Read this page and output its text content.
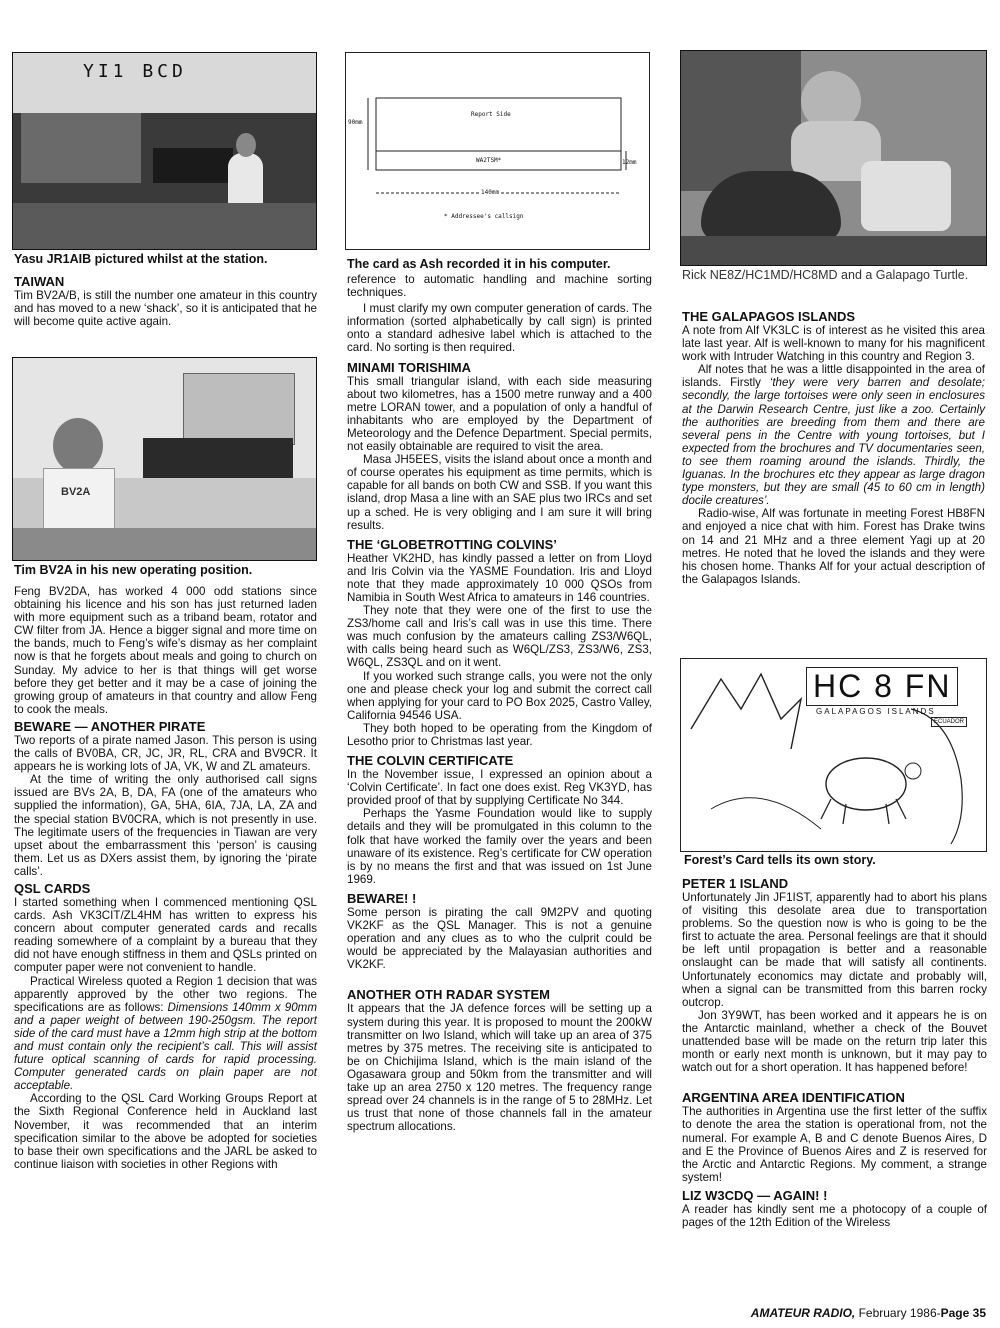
YI1 BCD
Yasu JR1AIB pictured whilst at the station.
TAIWAN

Tim BV2A/B, is still the number one amateur in this country and has moved to a new ‘shack’, so it is anticipated that he will become quite active again.

BV2A
Tim BV2A in his new operating position.

Feng BV2DA, has worked 4 000 odd stations since obtaining his licence and his son has just returned laden with more equipment such as a triband beam, rotator and CW filter from JA. Hence a bigger signal and more time on the bands, much to Feng’s wife’s dismay as her complaint now is that he forgets about meals and going to church on Sunday. My advice to her is that things will get worse before they get better and it may be a case of joining the growing group of amateurs in that country and allow Feng to cook the meals.

BEWARE — ANOTHER PIRATE

Two reports of a pirate named Jason. This person is using the calls of BV0BA, CR, JC, JR, RL, CRA and BV9CR. It appears he is working lots of JA, VK, W and ZL amateurs.

At the time of writing the only authorised call signs issued are BVs 2A, B, DA, FA (one of the amateurs who supplied the information), GA, 5HA, 6IA, 7JA, LA, ZA and the special station BV0CRA, which is not presently in use. The legitimate users of the frequencies in Tiawan are very upset about the embarrassment this ‘person’ is causing them. Let us as DXers assist them, by ignoring the ‘pirate calls’.

QSL CARDS

I started something when I commenced mentioning QSL cards. Ash VK3CIT/ZL4HM has written to express his concern about computer generated cards and recalls reading somewhere of a complaint by a bureau that they did not have enough stiffness in them and QSLs printed on computer paper were not convenient to handle.

Practical Wireless quoted a Region 1 decision that was apparently approved by the other two regions. The specifications are as follows: Dimensions 140mm x 90mm and a paper weight of between 190-250gsm. The report side of the card must have a 12mm high strip at the bottom and must contain only the recipient’s call. This will assist future optical scanning of cards for rapid processing. Computer generated cards on plain paper are not acceptable.

According to the QSL Card Working Groups Report at the Sixth Regional Conference held in Auckland last November, it was recommended that an interim specification similar to the above be adopted for societies to base their own specifications and the JARL be asked to continue liaison with societies in other Regions with

Report Side
90mm
WA2TSM*	12mm
140mm
* Addressee's callsign
The card as Ash recorded it in his computer.

reference to automatic handling and machine sorting techniques.

I must clarify my own computer generation of cards. The information (sorted alphabetically by call sign) is printed onto a standard adhesive label which is attached to the card. No sorting is then required.

MINAMI TORISHIMA

This small triangular island, with each side measuring about two kilometres, has a 1500 metre runway and a 400 metre LORAN tower, and a population of only a handful of inhabitants who are employed by the Department of Meteorology and the Defence Department. Special permits, not easily obtainable are required to visit the area.

Masa JH5EES, visits the island about once a month and of course operates his equipment as time permits, which is capable for all bands on both CW and SSB. If you want this island, drop Masa a line with an SAE plus two IRCs and set up a sched. He is very obliging and I am sure it will bring results.

THE ‘GLOBETROTTING COLVINS’

Heather VK2HD, has kindly passed a letter on from Lloyd and Iris Colvin via the YASME Foundation. Iris and Lloyd note that they made approximately 10 000 QSOs from Namibia in South West Africa to amateurs in 146 countries.

They note that they were one of the first to use the ZS3/home call and Iris’s call was in use this time. There was much confusion by the amateurs calling ZS3/W6QL, with calls being heard such as W6QL/ZS3, ZS3/W6, ZS3, W6QL, ZS3QL and on it went.

If you worked such strange calls, you were not the only one and please check your log and submit the correct call when applying for your card to PO Box 2025, Castro Valley, California 94546 USA.

They both hoped to be operating from the Kingdom of Lesotho prior to Christmas last year.

THE COLVIN CERTIFICATE

In the November issue, I expressed an opinion about a ‘Colvin Certificate’. In fact one does exist. Reg VK3YD, has provided proof of that by supplying Certificate No 344.

Perhaps the Yasme Foundation would like to supply details and they will be promulgated in this column to the folk that have worked the family over the years and been unaware of its existence. Reg’s certificate for CW operation is by no means the first and that was issued on 1st June 1969.

BEWARE! !

Some person is pirating the call 9M2PV and quoting VK2KF as the QSL Manager. This is not a genuine operation and any clues as to who the culprit could be would be appreciated by the Malayasian authorities and VK2KF.

ANOTHER OTH RADAR SYSTEM

It appears that the JA defence forces will be setting up a system during this year. It is proposed to mount the 200kW transmitter on Iwo Island, which will take up an area of 375 metres by 375 metres. The receiving site is anticipated to be on Chichijima Island, which is the main island of the Ogasawara group and 50km from the transmitter and will take up an area 2750 x 120 metres. The frequency range spread over 24 channels is in the range of 5 to 28MHz. Let us trust that none of those channels fall in the amateur spectrum allocations.

Rick NE8Z/HC1MD/HC8MD and a Galapago Turtle.
THE GALAPAGOS ISLANDS

A note from Alf VK3LC is of interest as he visited this area late last year. Alf is well-known to many for his magnificent work with Intruder Watching in this country and Region 3.

Alf notes that he was a little disappointed in the area of islands. Firstly ‘they were very barren and desolate; secondly, the large tortoises were only seen in enclosures at the Darwin Research Centre, just like a zoo. Certainly the authorities are breeding from them and there are several pens in the Centre with young tortoises, but I expected from the brochures and TV documentaries seen, to see them roaming around the islands. Thirdly, the Iguanas. In the brochures etc they appear as large dragon type monsters, but they are small (45 to 60 cm in length) docile creatures’.

Radio-wise, Alf was fortunate in meeting Forest HB8FN and enjoyed a nice chat with him. Forest has Drake twins on 14 and 21 MHz and a three element Yagi up at 20 metres. He noted that he loved the islands and they were his chosen home. Thanks Alf for your actual description of the Galapagos Islands.

HC 8 FN
GALAPAGOS ISLANDS
ECUADOR
Forest’s Card tells its own story.
PETER 1 ISLAND

Unfortunately Jin JF1IST, apparently had to abort his plans of visiting this desolate area due to transportation problems. So the question now is who is going to be the first to actuate the area. Personal feelings are that it should be left until propagation is better and a reasonable onslaught can be made that will satisfy all continents. Unfortunately economics may dictate and probably will, when a signal can be transmitted from this barren rocky outcrop.

Jon 3Y9WT, has been worked and it appears he is on the Antarctic mainland, whether a check of the Bouvet unattended base will be made on the return trip later this month or early next month is unknown, but it may pay to watch out for a short operation. It has happened before!

ARGENTINA AREA IDENTIFICATION

The authorities in Argentina use the first letter of the suffix to denote the area the station is operational from, not the numeral. For example A, B and C denote Buenos Aires, D and E the Province of Buenos Aires and Z is reserved for the Arctic and Antarctic Regions. My comment, a strange system!

LIZ W3CDQ — AGAIN! !

A reader has kindly sent me a photocopy of a couple of pages of the 12th Edition of the Wireless

AMATEUR RADIO, February 1986-Page 35
